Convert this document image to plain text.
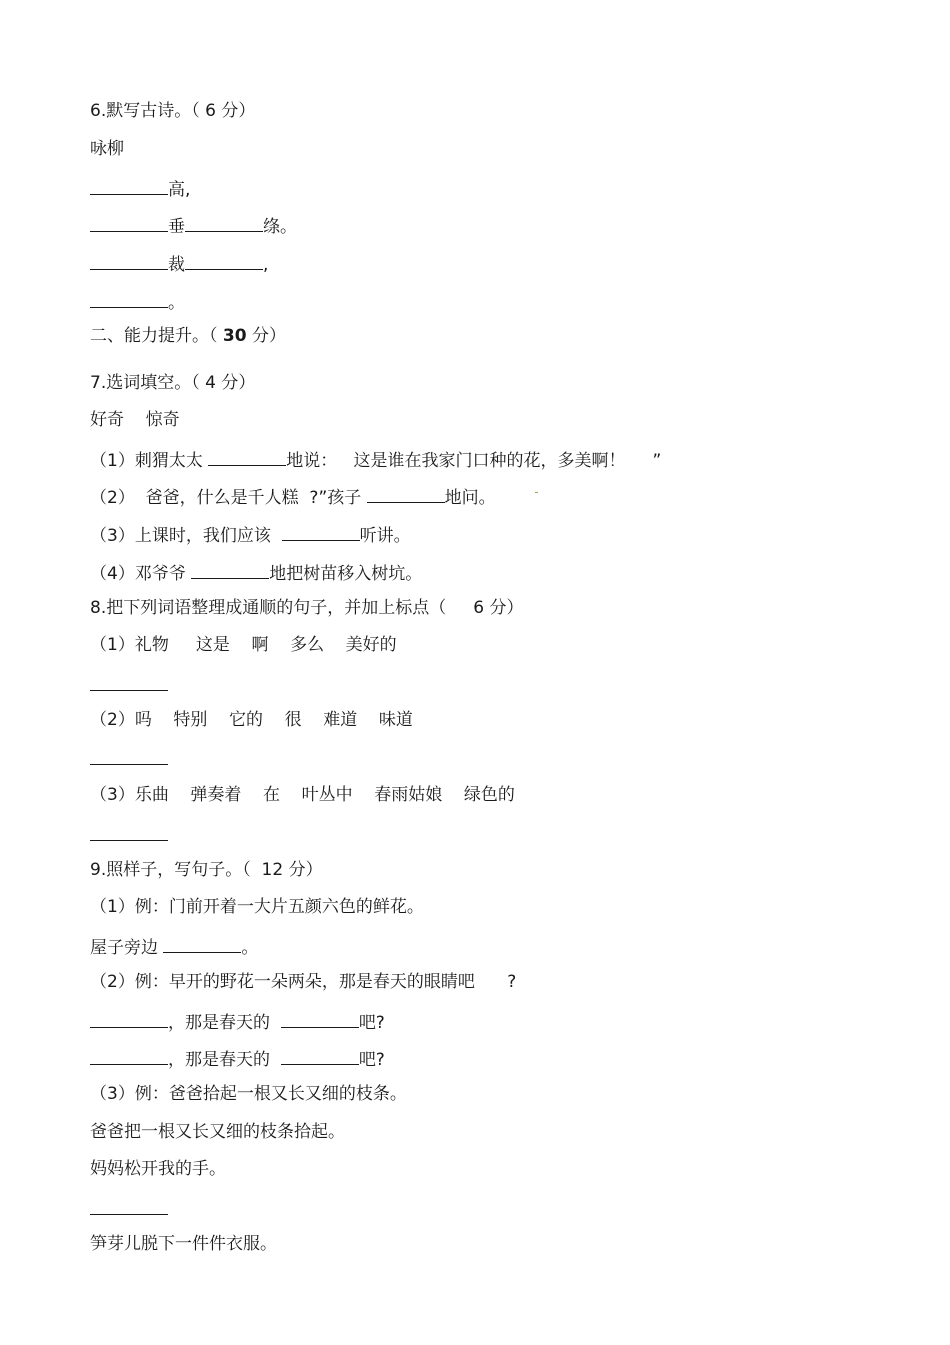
6.默写古诗。（ 6 分）
咏柳
高,
垂	绦。
裁	,
。
二、能力提升。（ 30 分）
7.选词填空。（ 4 分）
好奇    惊奇
（1）刺猬太太	地说：   这是谁在我家门口种的花，多美啊！     ”
（2）  爸爸，什么是千人糕  ?”孩子	地问。
（3）上课时，我们应该	听讲。
（4）邓爷爷	地把树苗移入树坑。
8.把下列词语整理成通顺的句子，并加上标点（     6 分）
（1）礼物     这是    啊    多么    美好的
（2）吗    特别    它的    很    难道    味道
（3）乐曲    弹奏着    在    叶丛中    春雨姑娘    绿色的
9.照样子，写句子。（  12 分）
（1）例：门前开着一大片五颜六色的鲜花。
屋子旁边	。
（2）例：早开的野花一朵两朵，那是春天的眼睛吧      ?
，那是春天的	吧?
，那是春天的	吧?
（3）例：爸爸拾起一根又长又细的枝条。
爸爸把一根又长又细的枝条拾起。
妈妈松开我的手。
笋芽儿脱下一件件衣服。
